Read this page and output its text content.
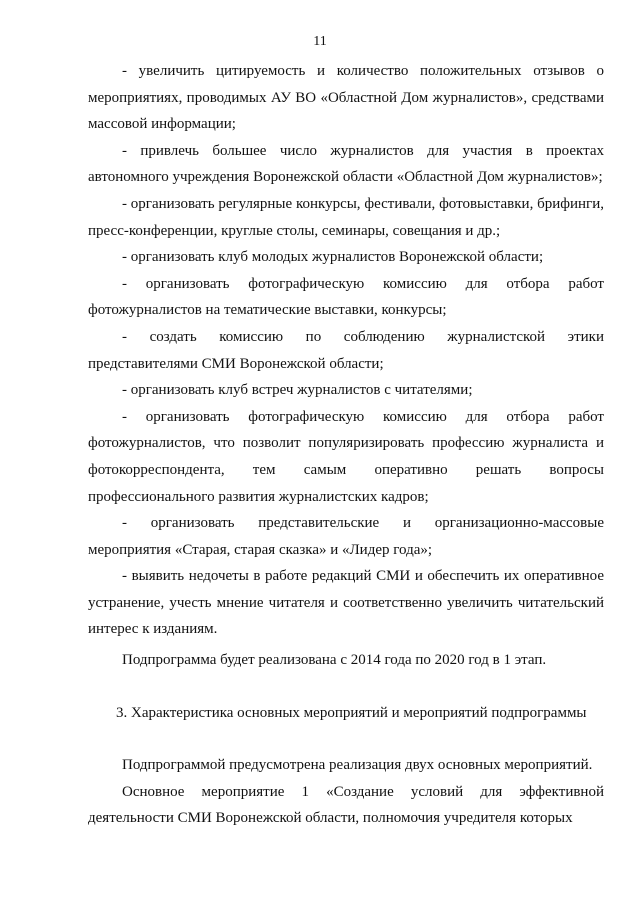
11

- увеличить цитируемость и количество положительных отзывов о мероприятиях, проводимых АУ ВО «Областной Дом журналистов», средствами массовой информации;

- привлечь большее число журналистов для участия в проектах автономного учреждения Воронежской области «Областной Дом журналистов»;

- организовать регулярные конкурсы, фестивали, фотовыставки, брифинги, пресс-конференции, круглые столы, семинары, совещания и др.;

- организовать клуб молодых журналистов Воронежской области;

- организовать фотографическую комиссию для отбора работ фотожурналистов на тематические выставки, конкурсы;

- создать комиссию по соблюдению журналистской этики представителями СМИ Воронежской области;

- организовать клуб встреч журналистов с читателями;

- организовать фотографическую комиссию для отбора работ фотожурналистов, что позволит популяризировать профессию журналиста и фотокорреспондента, тем самым оперативно решать вопросы профессионального развития журналистских кадров;

- организовать представительские и организационно-массовые мероприятия «Старая, старая сказка» и «Лидер года»;

- выявить недочеты в работе редакций СМИ и обеспечить их оперативное устранение, учесть мнение читателя и соответственно увеличить читательский интерес к изданиям.

Подпрограмма будет реализована с 2014 года по 2020 год в 1 этап.

3. Характеристика основных мероприятий и мероприятий подпрограммы

Подпрограммой предусмотрена реализация двух основных мероприятий.

Основное мероприятие 1 «Создание условий для эффективной деятельности СМИ Воронежской области, полномочия учредителя которых
